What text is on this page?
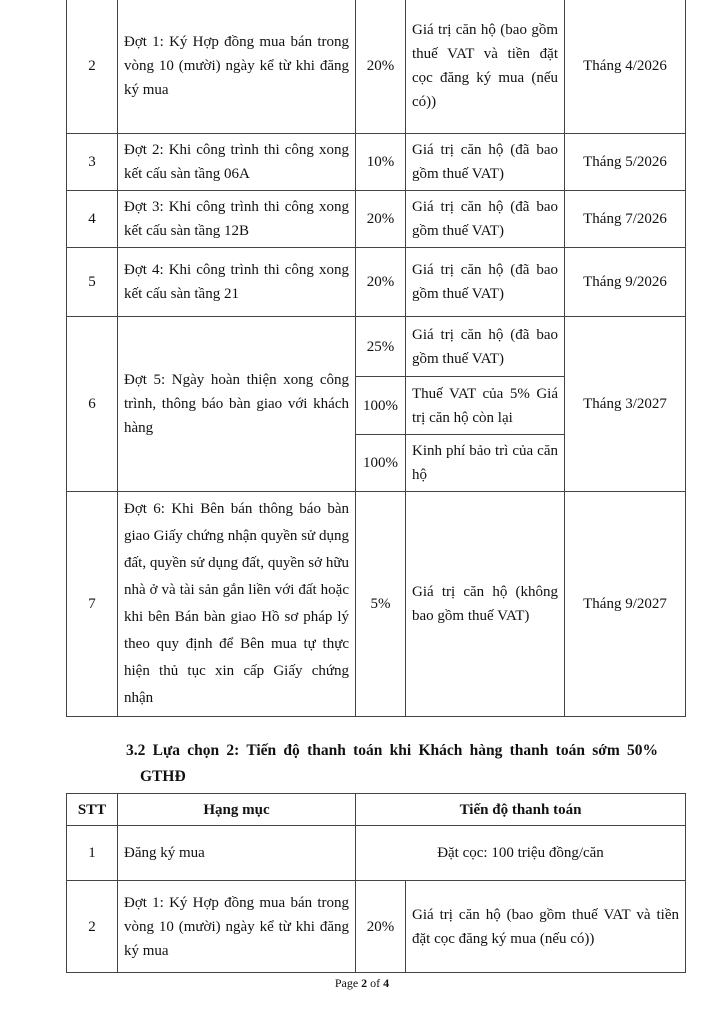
2	Đợt 1: Ký Hợp đồng mua bán trong vòng 10 (mười) ngày kể từ khi đăng ký mua	20%	Giá trị căn hộ (bao gồm thuế VAT và tiền đặt cọc đăng ký mua (nếu có))	Tháng 4/2026
3	Đợt 2: Khi công trình thi công xong kết cấu sàn tầng 06A	10%	Giá trị căn hộ (đã bao gồm thuế VAT)	Tháng 5/2026
4	Đợt 3: Khi công trình thi công xong kết cấu sàn tầng 12B	20%	Giá trị căn hộ (đã bao gồm thuế VAT)	Tháng 7/2026
5	Đợt 4: Khi công trình thi công xong kết cấu sàn tầng 21	20%	Giá trị căn hộ (đã bao gồm thuế VAT)	Tháng 9/2026
6	Đợt 5: Ngày hoàn thiện xong công trình, thông báo bàn giao với khách hàng	25%	Giá trị căn hộ (đã bao gồm thuế VAT)	Tháng 3/2027
		100%	Thuế VAT của 5% Giá trị căn hộ còn lại	
		100%	Kinh phí bảo trì của căn hộ	
7	Đợt 6: Khi Bên bán thông báo bàn giao Giấy chứng nhận quyền sử dụng đất, quyền sử dụng đất, quyền sở hữu nhà ở và tài sản gắn liền với đất hoặc khi bên Bán bàn giao Hồ sơ pháp lý theo quy định để Bên mua tự thực hiện thủ tục xin cấp Giấy chứng nhận	5%	Giá trị căn hộ (không bao gồm thuế VAT)	Tháng 9/2027
3.2 Lựa chọn 2: Tiến độ thanh toán khi Khách hàng thanh toán sớm 50%
GTHĐ
STT	Hạng mục	Tiến độ thanh toán	
1	Đăng ký mua	Đặt cọc: 100 triệu đồng/căn	
2	Đợt 1: Ký Hợp đồng mua bán trong vòng 10 (mười) ngày kể từ khi đăng ký mua	20%	Giá trị căn hộ (bao gồm thuế VAT và tiền đặt cọc đăng ký mua (nếu có))
Page 2 of 4
